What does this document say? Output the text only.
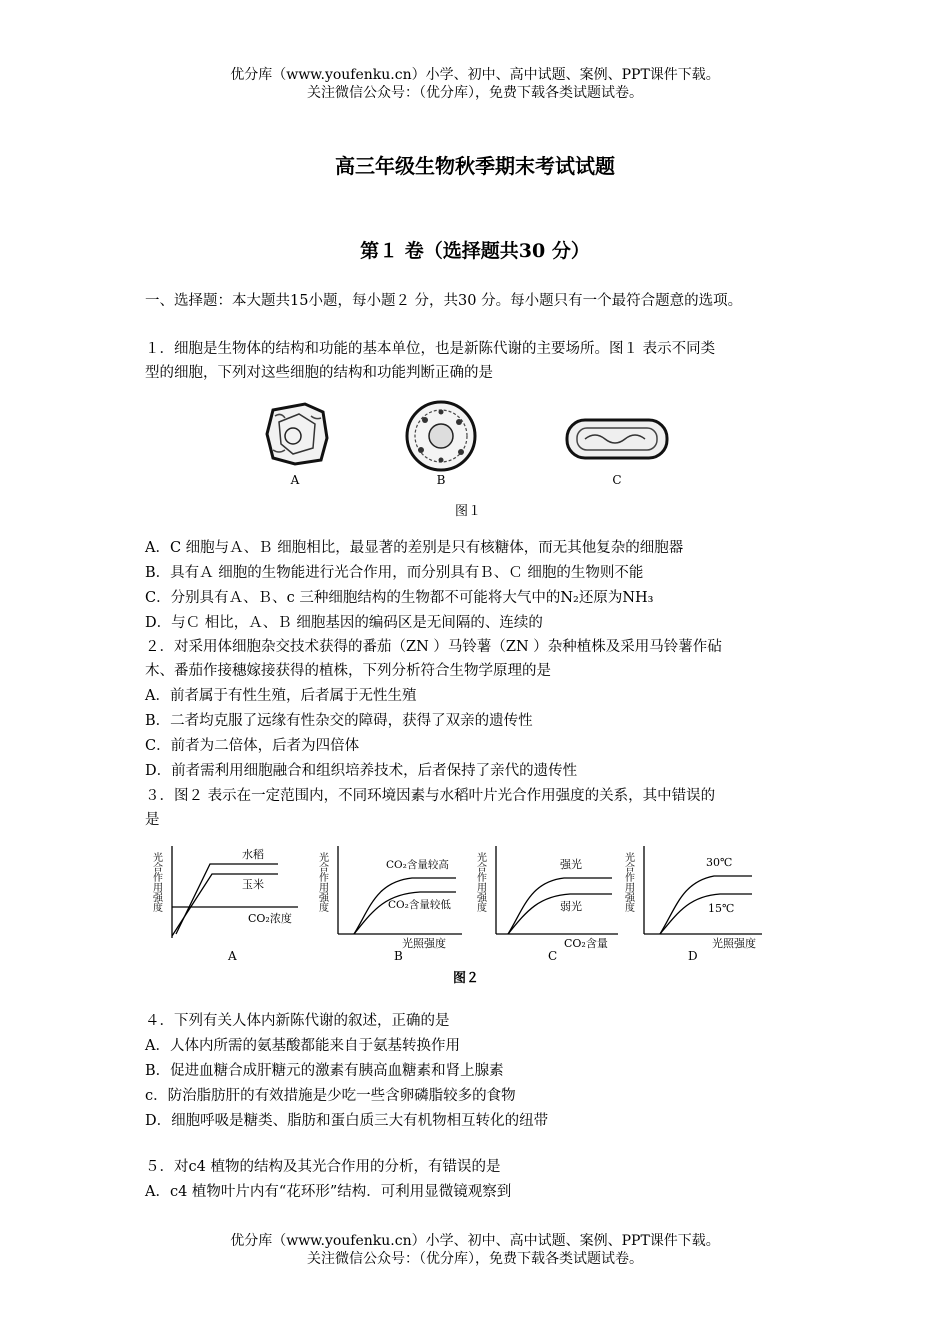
优分库（www.youfenku.cn）小学、初中、高中试题、案例、PPT课件下载。
关注微信公众号：（优分库），免费下载各类试题试卷。
高三年级生物秋季期末考试试题
第１ 卷（选择题共30 分）
一、选择题：本大题共15小题，每小题２ 分，共30 分。每小题只有一个最符合题意的选项。
１．细胞是生物体的结构和功能的基本单位，也是新陈代谢的主要场所。图１ 表示不同类
型的细胞，下列对这些细胞的结构和功能判断正确的是
A	B	C
图１
A．C 细胞与Ａ、Ｂ 细胞相比，最显著的差别是只有核糖体，而无其他复杂的细胞器
B．具有Ａ 细胞的生物能进行光合作用，而分别具有Ｂ、Ｃ 细胞的生物则不能
C．分别具有Ａ、Ｂ、c 三种细胞结构的生物都不可能将大气中的N₂还原为NH₃
D．与Ｃ 相比，Ａ、Ｂ 细胞基因的编码区是无间隔的、连续的
２．对采用体细胞杂交技术获得的番茄（ZN ）马铃薯（ZN ）杂种植株及采用马铃薯作砧
木、番茄作接穗嫁接获得的植株，下列分析符合生物学原理的是
A．前者属于有性生殖，后者属于无性生殖
B．二者均克服了远缘有性杂交的障碍，获得了双亲的遗传性
C．前者为二倍体，后者为四倍体
D．前者需利用细胞融合和组织培养技术，后者保持了亲代的遗传性
３．图２ 表示在一定范围内，不同环境因素与水稻叶片光合作用强度的关系，其中错误的
是
光合作用强度	水稻
玉米
CO₂浓度
A
光合作用强度	CO₂含量较高
CO₂含量较低
光照强度
B
光合作用强度	强光
弱光
CO₂含量
C
光合作用强度	30℃
15℃
光照强度
D
图２
４．下列有关人体内新陈代谢的叙述，正确的是
A．人体内所需的氨基酸都能来自于氨基转换作用
B．促进血糖合成肝糖元的激素有胰高血糖素和肾上腺素
c．防治脂肪肝的有效措施是少吃一些含卵磷脂较多的食物
D．细胞呼吸是糖类、脂肪和蛋白质三大有机物相互转化的纽带
５．对c4 植物的结构及其光合作用的分析，有错误的是
A．c4 植物叶片内有“花环形”结构．可利用显微镜观察到
优分库（www.youfenku.cn）小学、初中、高中试题、案例、PPT课件下载。
关注微信公众号：（优分库），免费下载各类试题试卷。
